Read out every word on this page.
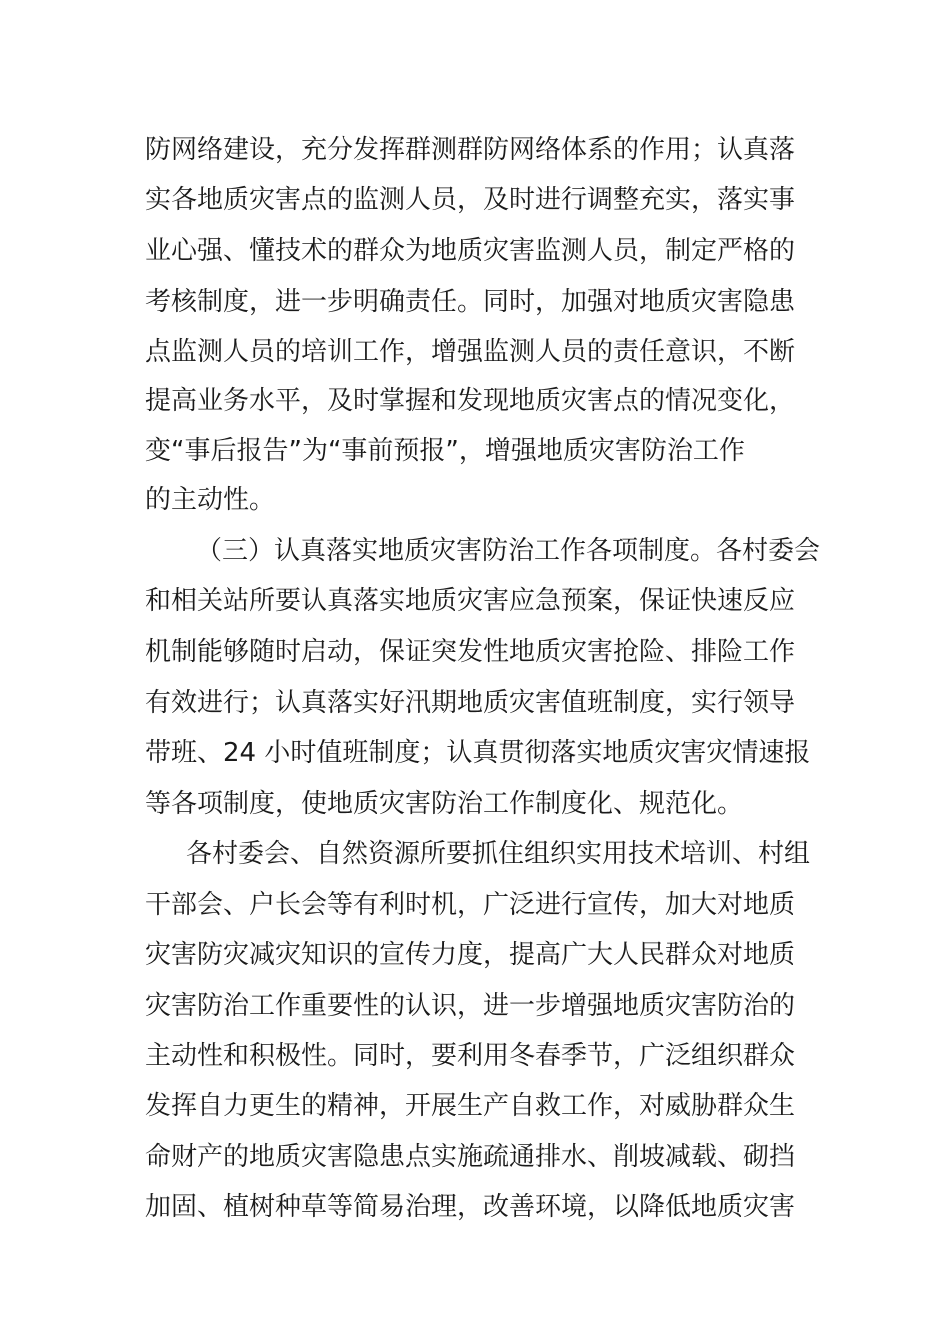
防网络建设，充分发挥群测群防网络体系的作用；认真落
实各地质灾害点的监测人员，及时进行调整充实，落实事
业心强、懂技术的群众为地质灾害监测人员，制定严格的
考核制度，进一步明确责任。同时，加强对地质灾害隐患
点监测人员的培训工作，增强监测人员的责任意识，不断
提高业务水平，及时掌握和发现地质灾害点的情况变化，
变“事后报告”为“事前预报”，增强地质灾害防治工作
的主动性。
（三）认真落实地质灾害防治工作各项制度。各村委会
和相关站所要认真落实地质灾害应急预案，保证快速反应
机制能够随时启动，保证突发性地质灾害抢险、排险工作
有效进行；认真落实好汛期地质灾害值班制度，实行领导
带班、24 小时值班制度；认真贯彻落实地质灾害灾情速报
等各项制度，使地质灾害防治工作制度化、规范化。
各村委会、自然资源所要抓住组织实用技术培训、村组
干部会、户长会等有利时机，广泛进行宣传，加大对地质
灾害防灾减灾知识的宣传力度，提高广大人民群众对地质
灾害防治工作重要性的认识，进一步增强地质灾害防治的
主动性和积极性。同时，要利用冬春季节，广泛组织群众
发挥自力更生的精神，开展生产自救工作，对威胁群众生
命财产的地质灾害隐患点实施疏通排水、削坡减载、砌挡
加固、植树种草等简易治理，改善环境，以降低地质灾害
